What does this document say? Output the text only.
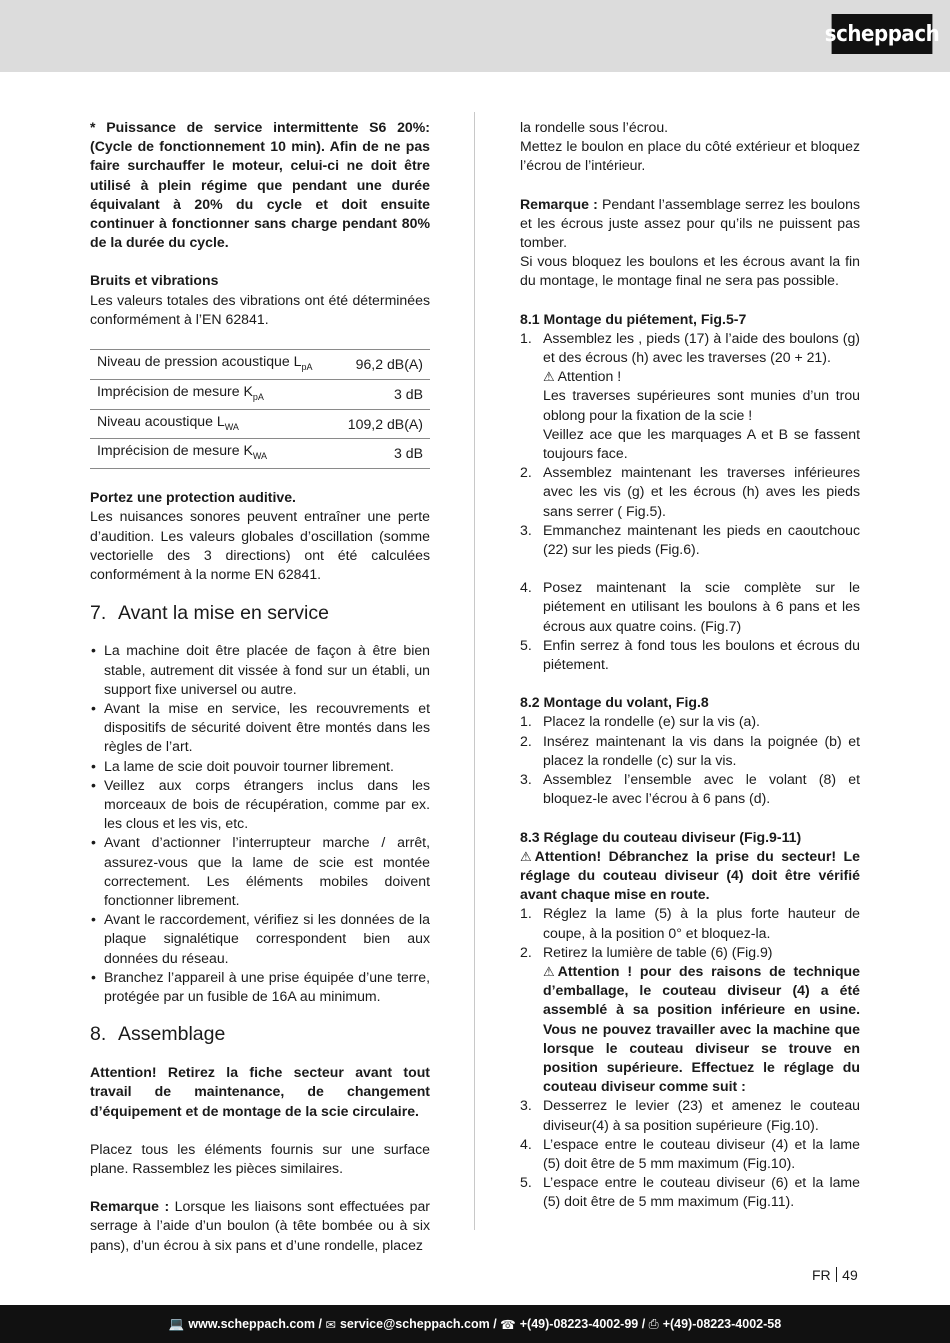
scheppach

* Puissance de service intermittente S6 20%: (Cycle de fonctionnement 10 min). Afin de ne pas faire surchauffer le moteur, celui-ci ne doit être utilisé à plein régime que pendant une durée équivalant à 20% du cycle et doit ensuite continuer à fonctionner sans charge pendant 80% de la durée du cycle.

Bruits et vibrations

Les valeurs totales des vibrations ont été déterminées conformément à l’EN 62841.

Niveau de pression acoustique $L_{pA}$	96,2 dB(A)
Imprécision de mesure $K_{pA}$	3 dB
Niveau acoustique $L_{WA}$	109,2 dB(A)
Imprécision de mesure $K_{WA}$	3 dB

Portez une protection auditive.

Les nuisances sonores peuvent entraîner une perte d’audition. Les valeurs globales d’oscillation (somme vectorielle des 3 directions) ont été calculées conformément à la norme EN 62841.

7. Avant la mise en service
• La machine doit être placée de façon à être bien stable, autrement dit vissée à fond sur un établi, un support fixe universel ou autre.
• Avant la mise en service, les recouvrements et dispositifs de sécurité doivent être montés dans les règles de l’art.
• La lame de scie doit pouvoir tourner librement.
• Veillez aux corps étrangers inclus dans les morceaux de bois de récupération, comme par ex. les clous et les vis, etc.
• Avant d’actionner l’interrupteur marche / arrêt, assurez-vous que la lame de scie est montée correctement. Les éléments mobiles doivent fonctionner librement.
• Avant le raccordement, vérifiez si les données de la plaque signalétique correspondent bien aux données du réseau.
• Branchez l’appareil à une prise équipée d’une terre, protégée par un fusible de 16A au minimum.
8. Assemblage

Attention! Retirez la fiche secteur avant tout travail de maintenance, de changement d’équipement et de montage de la scie circulaire.

Placez tous les éléments fournis sur une surface plane. Rassemblez les pièces similaires.

Remarque : Lorsque les liaisons sont effectuées par serrage à l’aide d’un boulon (à tête bombée ou à six pans), d’un écrou à six pans et d’une rondelle, placez

la rondelle sous l’écrou.

Mettez le boulon en place du côté extérieur et bloquez l’écrou de l’intérieur.

Remarque : Pendant l’assemblage serrez les boulons et les écrous juste assez pour qu’ils ne puissent pas tomber.

Si vous bloquez les boulons et les écrous avant la fin du montage, le montage final ne sera pas possible.

8.1 Montage du piétement, Fig.5-7

1. Assemblez les , pieds (17) à l’aide des boulons (g) et des écrous (h) avec les traverses (20 + 21).
⚠ Attention !
Les traverses supérieures sont munies d’un trou oblong pour la fixation de la scie !
Veillez ace que les marquages A et B se fassent toujours face.
2. Assemblez maintenant les traverses inférieures avec les vis (g) et les écrous (h) aves les pieds sans serrer ( Fig.5).
3. Emmanchez maintenant les pieds en caoutchouc (22) sur les pieds (Fig.6).
4. Posez maintenant la scie complète sur le piétement en utilisant les boulons à 6 pans et les écrous aux quatre coins. (Fig.7)
5. Enfin serrez à fond tous les boulons et écrous du piétement.

8.2 Montage du volant, Fig.8

1. Placez la rondelle (e) sur la vis (a).
2. Insérez maintenant la vis dans la poignée (b) et placez la rondelle (c) sur la vis.
3. Assemblez l’ensemble avec le volant (8) et bloquez-le avec l’écrou à 6 pans (d).

8.3 Réglage du couteau diviseur (Fig.9-11)

⚠ Attention! Débranchez la prise du secteur! Le réglage du couteau diviseur (4) doit être vérifié avant chaque mise en route.

1. Réglez la lame (5) à la plus forte hauteur de coupe, à la position 0° et bloquez-la.
2. Retirez la lumière de table (6) (Fig.9)
⚠ Attention ! pour des raisons de technique d’emballage, le couteau diviseur (4) a été assemblé à sa position inférieure en usine. Vous ne pouvez travailler avec la machine que lorsque le couteau diviseur se trouve en position supérieure. Effectuez le réglage du couteau diviseur comme suit :
3. Desserrez le levier (23) et amenez le couteau diviseur(4) à sa position supérieure (Fig.10).
4. L’espace entre le couteau diviseur (4) et la lame (5) doit être de 5 mm maximum (Fig.10).
5. L’espace entre le couteau diviseur (6) et la lame (5) doit être de 5 mm maximum (Fig.11).
FR 49
💻 www.scheppach.com /
✉ service@scheppach.com /
☎ +(49)-08223-4002-99 /
⎙ +(49)-08223-4002-58
